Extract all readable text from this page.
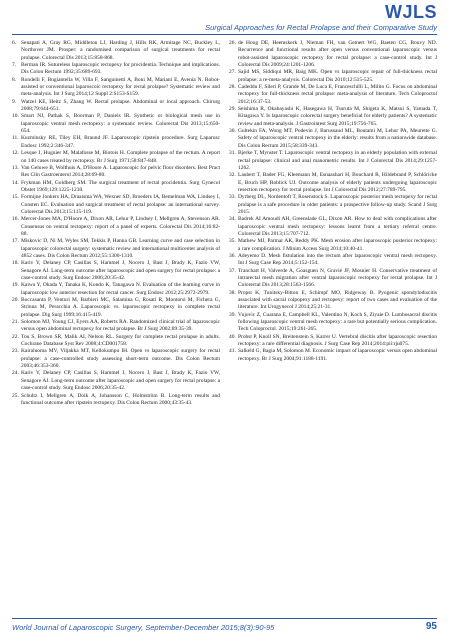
WJLS
Surgical Approaches for Rectal Prolapse and their Comparative Study

6. Senapati A, Gray RG, Middleton LJ, Harding J, Hills RK, Armitage NC, Buckley L, Northover JM. Prosper: a randomised comparison of surgical treatments for rectal prolapse. Colorectal Dis 2013;15:858-868.

7. Berman IR. Sutureless laparoscopic rectopexy for procidentia. Technique and implications. Dis Colon Rectum 1992;35:689-693.

8. Rondelli F, Bugiantella W, Villa F, Sanguinetti A, Boni M, Mariani E, Avenia N. Robot-assisted or conventional laparoscoic rectopexy for rectal prolapse? Systematic review and meta-analysis. Int J Surg 2014;12 Suppl 2:S153-S159.

9. Watzel KE, Heitz S, Zhang W. Rectal prolapse. Abdominal or local approach. Chirurg 2008;79:644-651.

10. Smart NJ, Pathak S, Boorman P, Daniels IR. Synthetic or biological mesh use in laparoscopic ventral mesh rectopexy: a systematic review. Colorectal Dis 2013;15:650-654.

11. Kuzminsky RE, Tiley EH, Braund JF. Laparoscopic ripstein procedure. Surg Laparosc Endosc 1992;2:346-347.

12. Lesque J, Huguier M, Malafosse M, Biotois H. Complete prolapse of the rectum. A report on 140 cases treated by rectopexy. Br J Surg 1971;58:847-848.

13. Van Geluwe B, Wolthuis A, D'Hoore A. Laparoscopic for pelvic floor disorders. Best Pract Res Clin Gastroenterol 2014;28:69-80.

14. Frykman HM, Goldberg SM. The surgical treatment of rectal procidentia. Surg Gynecol Obstet 1969;129:1225-1230.

15. Formijne Jonkers HA, Draaisma WA, Wexner SD, Broeders IA, Bemelman WA, Lindsey I, Consten EC. Evaluation and surgical treatment of rectal prolapse: an international survey. Colorectal Dis 2013;15:115-119.

16. Mercer-Jones MA, D'Hoore A, Dixon AR, Lehur P, Lindsey I, Mellgren A, Stevenson AR. Consensus on ventral rectopexy: report of a panel of experts. Colorectal Dis 2014;16:82-88.

17. Miskovic D, Ni M, Wyles SM, Tekkis P, Hanna GB. Learning curve and case selection in laparoscopic colorectal surgery: systematic review and international multicenter analysis of 4852 cases. Dis Colon Rectum 2012;55:1300-1310.

18. Kariv Y, Delaney CP, Casillas S, Hammel J, Nocero J, Bast J, Brady K, Fazio VW, Senagore AJ. Long-term outcome after laparoscopic and open surgery for rectal prolapse: a case-control study. Surg Endosc 2006;20:35-42.

19. Kaiwa Y, Okada Y, Tanaka K, Kondo K, Tanagawa N. Evaluation of the learning curve in laparoscopic low anterior resection for rectal cancer. Surg Endosc 2012;25:2972-2979.

20. Boccasanta P, Venturi M, Barbieri MC, Salamina G, Rosati R, Montorsi M, Fichera G, Strinna M, Peracchia A. Laparoscopic vs. laparoscopic rectopexy in complete rectal prolapse. Dig Surg 1999;16:415-419.

21. Solomon MJ, Young CJ, Eyers AA, Roberts RA. Randomized clinical trial of laparoscopic versus open abdominal rectopexy for rectal prolapse. Br J Surg 2002;89:35-39.

22. Tou S, Brown SR, Malik AI, Nelson RL. Surgery for complete rectal prolapse in adults. Cochrane Database Syst Rev 2008;4:CD001758.

23. Kairaluoma MV, Viljakka MT, Kellokumpu IH. Open vs laparoscopic surgery for rectal prolapse: a case-controlled study assessing short-term outcome. Dis Colon Rectum 2003;46:353-360.

24. Kariv Y, Delaney CP, Casillas S, Hammel J, Nocero J, Bast J, Brady K, Fazio VW, Senagore AJ. Long-term outcome after laparoscopic and open surgery for rectal prolapse: a case-control study. Surg Endosc 2006;20:35-42.

25. Schultz I, Mellgren A, Dolk A, Johansson C, Holmström B. Long-term results and functional outcome after ripstein rectopexy. Dis Colon Rectum 2000;43:35-43.

26. de Hoog DE, Heemskerk J, Nieman FH, van Gemert WG, Baeten CG, Bouvy ND. Recurrence and functional results after open versus conventional laparoscopic versus robot-assisted laparoscopic rectopexy for rectal prolapse: a case-control study. Int J Colorectal Dis 2009;24:1201-1206.

27. Sajid MS, Siddiqui MR, Baig MK. Open vs laparoscopic repair of full-thickness rectal prolapse: a re-meta-analysis. Colorectal Dis 2010;12:515-525.

28. Cadeddu F, Sileri P, Grande M, De Luca E, Franceschilli L, Milito G. Focus on abdominal rectopexy for full-thickness rectal prolapse: meta-analysis of literature. Tech Coloproctol 2012;16:37-53.

29. Seishima R, Okabayashi K, Hasegawa H, Tsuruta M, Shigeta K, Matsui S, Yamada T, Kitagawa Y. Is laparoscopic colorectal surgery beneficial for elderly patients? A systematic review and meta-analysis. J Gastrointest Surg 2015;19:756-765.

30. Gultekin FA, Wong MT, Podevin J, Barussaud ML, Boutami M, Lehur PA, Meurette G. Safety of laparoscopic ventral rectopexy in the elderly: results from a nationwide database. Dis Colon Rectum 2015;58:339-343.

31. Bjerke T, Mynster T. Laparoscopic ventral rectopexy in an elderly population with external rectal prolapse: clinical and anal manometric results. Int J Colorectal Dis 2014;29:1257-1262.

32. Laubert T, Bader FG, Kleemann M, Esnaashari H, Bouchard R, Hildebrand P, Schlöricke E, Bruch HP, Roblick UJ. Outcome analysis of elderly patients undergoing laparoscopic resection rectopexy for rectal prolapse. Int J Colorectal Dis 2012;27:789-795.

33. Dyrberg DL, Nordentoft T, Rosenstock S. Laparoscopic posterior mesh rectopexy for rectal prolapse is a safe procedure in older patients: a prospective follow-up study. Scand J Surg 2015.

34. Badrek AI Amoudi AH, Greenslade GL, Dixon AR. How to deal with complications after laparoscopic ventral mesh rectopexy: lessons learnt from a tertiary referral centre. Colorectal Dis 2013;15:707-712.

35. Mathew MJ, Parmar AK, Reddy PK. Mesh erosion after laparoscopic posterior rectopexy: a rare complication. J Minim Access Surg 2014;10:40-41.

36. Adeyemo D. Mesh fistulation into the rectum after laparoscopic ventral mesh rectopexy. Int J Surg Case Rep 2014;5:152-154.

37. Tranchart H, Valverde A, Goasguen N, Gravié JF, Mosnier H. Conservative treatment of intrarectal mesh migration after ventral laparoscopic rectopexy for rectal prolapse. Int J Colorectal Dis 2013;28:1563-1566.

38. Propst K, Tunitsky-Bitton E, Schimpf MO, Ridgeway B. Pyogenic spondylodiscitis associated with sacral colpopexy and rectopexy: report of two cases and evaluation of the literature. Int Urogynecol J 2014;25:21-31.

39. Vujovic Z, Cuarana E, Campbell KL, Valentino N, Koch S, Ziyaie D. Lumbosacral discitis following laparoscopic ventral mesh rectopexy: a rare but potentially serious complication. Tech Coloproctol. 2015;19:261-265.

40. Probst P, Knoll SN, Breitenstein S, Karrer U. Vertebral discitis after laparoscopic resection rectopexy: a rare differential diagnosis. J Surg Case Rep 2014;2014:pii:rju075.

41. Salkeld G, Bagia M, Solomon M. Economic impact of laparoscopic versus open abdominal rectopexy. Br J Surg 2004;91:1188-1191.

World Journal of Laparoscopic Surgery, September-December 2015;8(3):90-95	95
